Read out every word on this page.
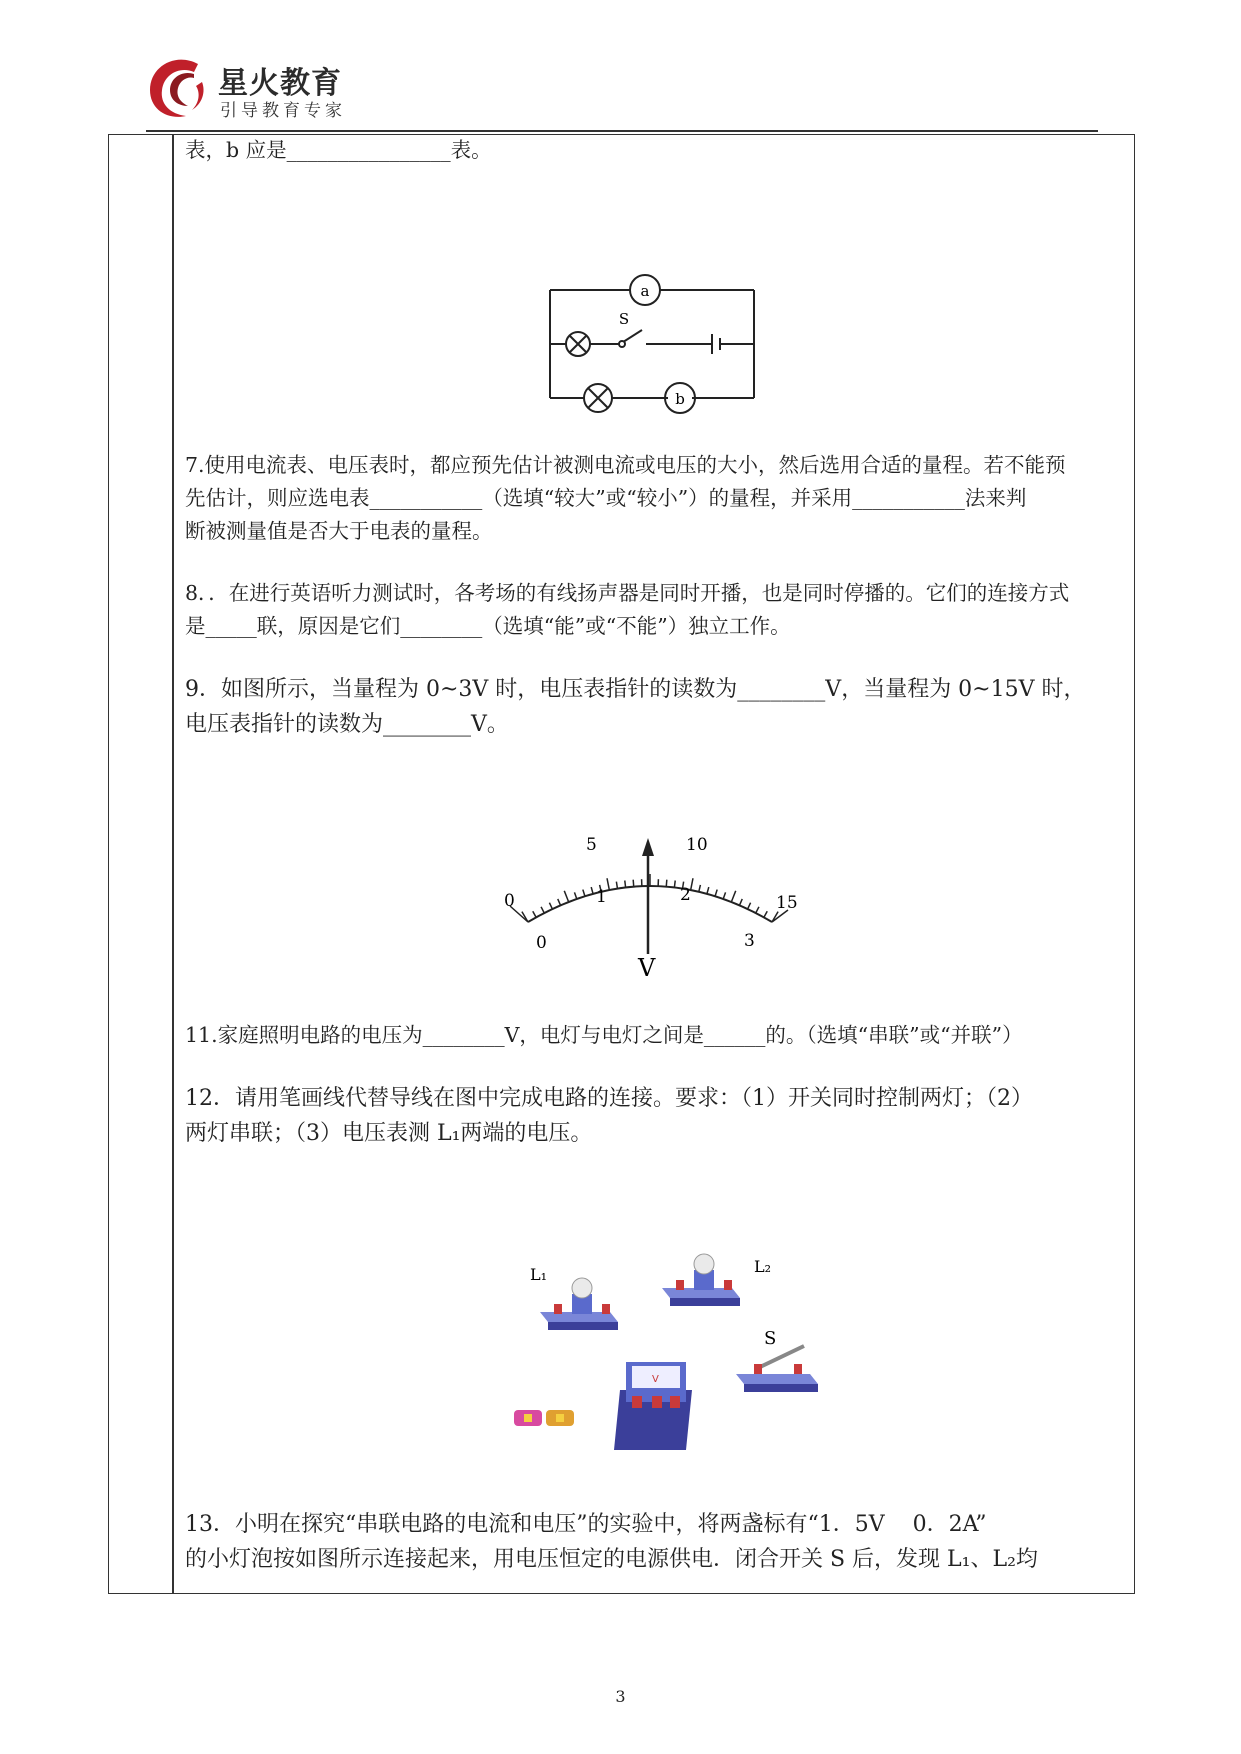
星火教育
引导教育专家
表，b 应是________________表。
a
b
S
7.使用电流表、电压表时，都应预先估计被测电流或电压的大小，然后选用合适的量程。若不能预
先估计，则应选电表___________（选填“较大”或“较小”）的量程，并采用___________法来判
断被测量值是否大于电表的量程。
8．．在进行英语听力测试时，各考场的有线扬声器是同时开播，也是同时停播的。它们的连接方式
是_____联，原因是它们________（选填“能”或“不能”）独立工作。
9．如图所示，当量程为 0~3V 时，电压表指针的读数为________V，当量程为 0~15V 时，
电压表指针的读数为________V。
0
5	10
15
0
1	2
3
V
11.家庭照明电路的电压为________V，电灯与电灯之间是______的。（选填“串联”或“并联”）
12．请用笔画线代替导线在图中完成电路的连接。要求：（1）开关同时控制两灯；（2）
两灯串联；（3）电压表测 L₁两端的电压。
L₁	L₂
S
V
13．小明在探究“串联电路的电流和电压”的实验中，将两盏标有“1．5V    0．2A”
的小灯泡按如图所示连接起来，用电压恒定的电源供电．闭合开关 S 后，发现 L₁、L₂均
3
